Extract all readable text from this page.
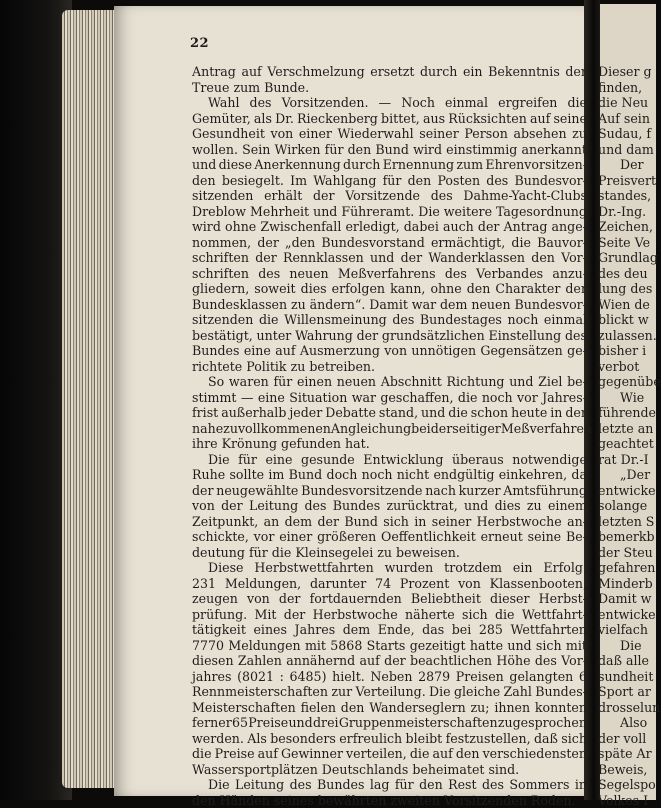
22
Antrag auf Verschmelzung ersetzt durch ein Bekenntnis der
Treue zum Bunde.
Wahl des Vorsitzenden. — Noch einmal ergreifen die
Gemüter, als Dr. Rieckenberg bittet, aus Rücksichten auf seine
Gesundheit von einer Wiederwahl seiner Person absehen zu
wollen. Sein Wirken für den Bund wird einstimmig anerkannt
und diese Anerkennung durch Ernennung zum Ehrenvorsitzen-
den besiegelt. Im Wahlgang für den Posten des Bundesvor-
sitzenden erhält der Vorsitzende des Dahme-Yacht-Clubs
Dreblow Mehrheit und Führeramt. Die weitere Tagesordnung
wird ohne Zwischenfall erledigt, dabei auch der Antrag ange-
nommen, der „den Bundesvorstand ermächtigt, die Bauvor-
schriften der Rennklassen und der Wanderklassen den Vor-
schriften des neuen Meßverfahrens des Verbandes anzu-
gliedern, soweit dies erfolgen kann, ohne den Charakter der
Bundesklassen zu ändern“. Damit war dem neuen Bundesvor-
sitzenden die Willensmeinung des Bundestages noch einmal
bestätigt, unter Wahrung der grundsätzlichen Einstellung des
Bundes eine auf Ausmerzung von unnötigen Gegensätzen ge-
richtete Politik zu betreiben.
So waren für einen neuen Abschnitt Richtung und Ziel be-
stimmt — eine Situation war geschaffen, die noch vor Jahres-
frist außerhalb jeder Debatte stand, und die schon heute in der
nahezu vollkommenen Angleichung beiderseitiger Meßverfahren
ihre Krönung gefunden hat.
Die für eine gesunde Entwicklung überaus notwendige
Ruhe sollte im Bund doch noch nicht endgültig einkehren, da
der neugewählte Bundesvorsitzende nach kurzer Amtsführung
von der Leitung des Bundes zurücktrat, und dies zu einem
Zeitpunkt, an dem der Bund sich in seiner Herbstwoche an-
schickte, vor einer größeren Oeffentlichkeit erneut seine Be-
deutung für die Kleinsegelei zu beweisen.
Diese Herbstwettfahrten wurden trotzdem ein Erfolg.
231 Meldungen, darunter 74 Prozent von Klassenbooten,
zeugen von der fortdauernden Beliebtheit dieser Herbst-
prüfung. Mit der Herbstwoche näherte sich die Wettfahrt-
tätigkeit eines Jahres dem Ende, das bei 285 Wettfahrten
7770 Meldungen mit 5868 Starts gezeitigt hatte und sich mit
diesen Zahlen annähernd auf der beachtlichen Höhe des Vor-
jahres (8021 : 6485) hielt. Neben 2879 Preisen gelangten 6
Rennmeisterschaften zur Verteilung. Die gleiche Zahl Bundes-
Meisterschaften fielen den Wanderseglern zu; ihnen konnten
ferner 65 Preise und drei Gruppenmeisterschaften zugesprochen
werden. Als besonders erfreulich bleibt festzustellen, daß sich
die Preise auf Gewinner verteilen, die auf den verschiedensten
Wassersportplätzen Deutschlands beheimatet sind.
Die Leitung des Bundes lag für den Rest des Sommers in
den Händen seines bewährten zweiten Vorsitzenden Roden.
Dieser g
finden,
die Neu
Auf sein
Sudau, f
und dam
Der
Preisvert
standes,
Dr.-Ing.
Zeichen,
Seite Ve
Grundlag
des deu
lung des
Wien de
blickt w
zulassen.
bisher i
verbot
gegenübe
Wie
führende
letzte an
geachtet
rat Dr.-I
„Der
entwicke
solange
letzten S
bemerkb
der Steu
gefahren
Minderb
Damit w
entwicke
vielfach
Die
daß alle
sundheit
Sport ar
drosselun
Also
der voll
späte Ar
Beweis,
Segelspo
Volkes I
